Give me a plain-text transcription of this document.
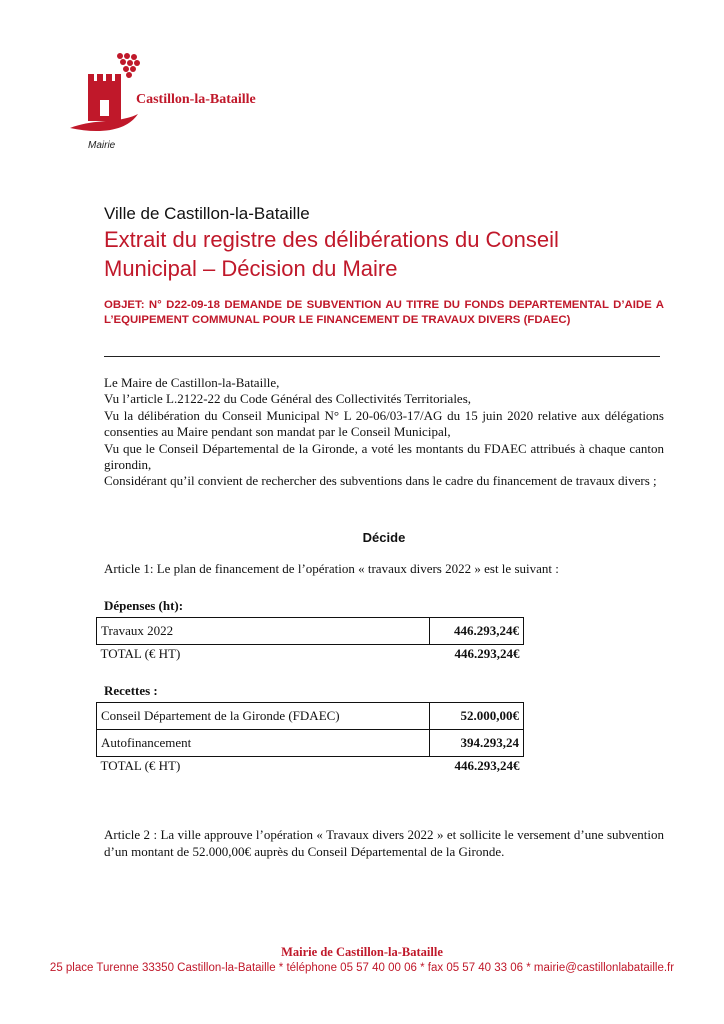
Castillon-la-Bataille
Mairie
Ville de Castillon-la-Bataille
Extrait du registre des délibérations du Conseil
Municipal – Décision du Maire
OBJET: N° D22-09-18 DEMANDE DE SUBVENTION AU TITRE DU FONDS DEPARTEMENTAL D’AIDE A L’EQUIPEMENT COMMUNAL POUR LE FINANCEMENT DE TRAVAUX DIVERS (FDAEC)

Le Maire de Castillon-la-Bataille,

Vu l’article L.2122-22 du Code Général des Collectivités Territoriales,

Vu la délibération du Conseil Municipal N° L 20-06/03-17/AG du 15 juin 2020 relative aux délégations consenties au Maire pendant son mandat par le Conseil Municipal,

Vu que le Conseil Départemental de la Gironde, a voté les montants du FDAEC attribués à chaque canton girondin,

Considérant qu’il convient de rechercher des subventions dans le cadre du financement de travaux divers ;

Décide
Article 1: Le plan de financement de l’opération « travaux divers 2022 » est le suivant :
Dépenses (ht):
Travaux 2022	446.293,24€
TOTAL (€ HT)	446.293,24€
Recettes :
Conseil Département de la Gironde (FDAEC)	52.000,00€
Autofinancement	394.293,24
TOTAL (€ HT)	446.293,24€
Article 2 : La ville approuve l’opération « Travaux divers 2022 » et sollicite le versement d’une subvention d’un montant de 52.000,00€ auprès du Conseil Départemental de la Gironde.
Mairie de Castillon-la-Bataille
25 place Turenne 33350 Castillon-la-Bataille * téléphone 05 57 40 00 06 * fax 05 57 40 33 06 * mairie@castillonlabataille.fr
